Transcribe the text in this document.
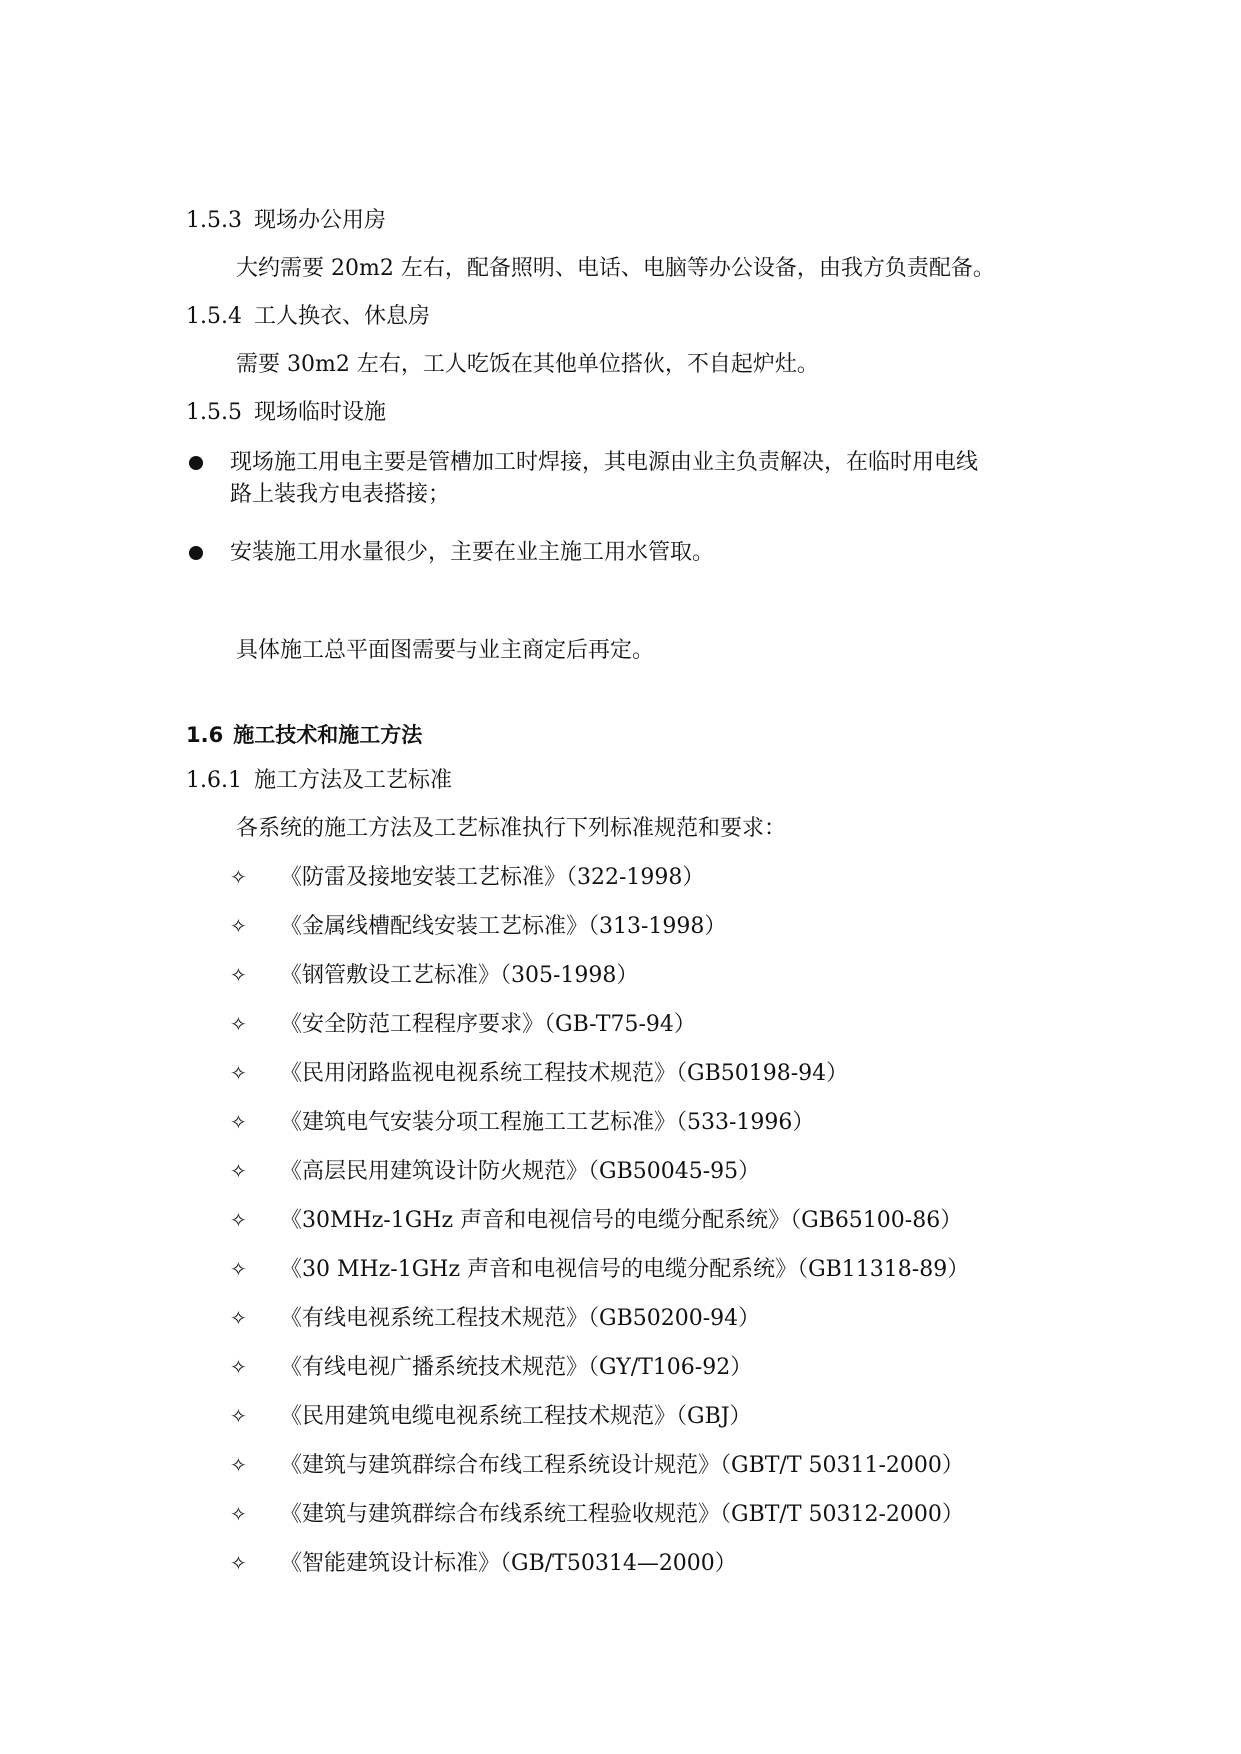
1.5.3 现场办公用房
大约需要 20m2 左右，配备照明、电话、电脑等办公设备，由我方负责配备。
1.5.4 工人换衣、休息房
需要 30m2 左右，工人吃饭在其他单位搭伙，不自起炉灶。
1.5.5 现场临时设施
现场施工用电主要是管槽加工时焊接，其电源由业主负责解决，在临时用电线
路上装我方电表搭接；
安装施工用水量很少，主要在业主施工用水管取。
具体施工总平面图需要与业主商定后再定。
1.6 施工技术和施工方法
1.6.1 施工方法及工艺标准
各系统的施工方法及工艺标准执行下列标准规范和要求：
✧ 《防雷及接地安装工艺标准》（322-1998）
✧ 《金属线槽配线安装工艺标准》（313-1998）
✧ 《钢管敷设工艺标准》（305-1998）
✧ 《安全防范工程程序要求》（GB-T75-94）
✧ 《民用闭路监视电视系统工程技术规范》（GB50198-94）
✧ 《建筑电气安装分项工程施工工艺标准》（533-1996）
✧ 《高层民用建筑设计防火规范》（GB50045-95）
✧ 《30MHz-1GHz 声音和电视信号的电缆分配系统》（GB65100-86）
✧ 《30 MHz-1GHz 声音和电视信号的电缆分配系统》（GB11318-89）
✧ 《有线电视系统工程技术规范》（GB50200-94）
✧ 《有线电视广播系统技术规范》（GY/T106-92）
✧ 《民用建筑电缆电视系统工程技术规范》（GBJ）
✧ 《建筑与建筑群综合布线工程系统设计规范》（GBT/T 50311-2000）
✧ 《建筑与建筑群综合布线系统工程验收规范》（GBT/T 50312-2000）
✧ 《智能建筑设计标准》（GB/T50314—2000）
